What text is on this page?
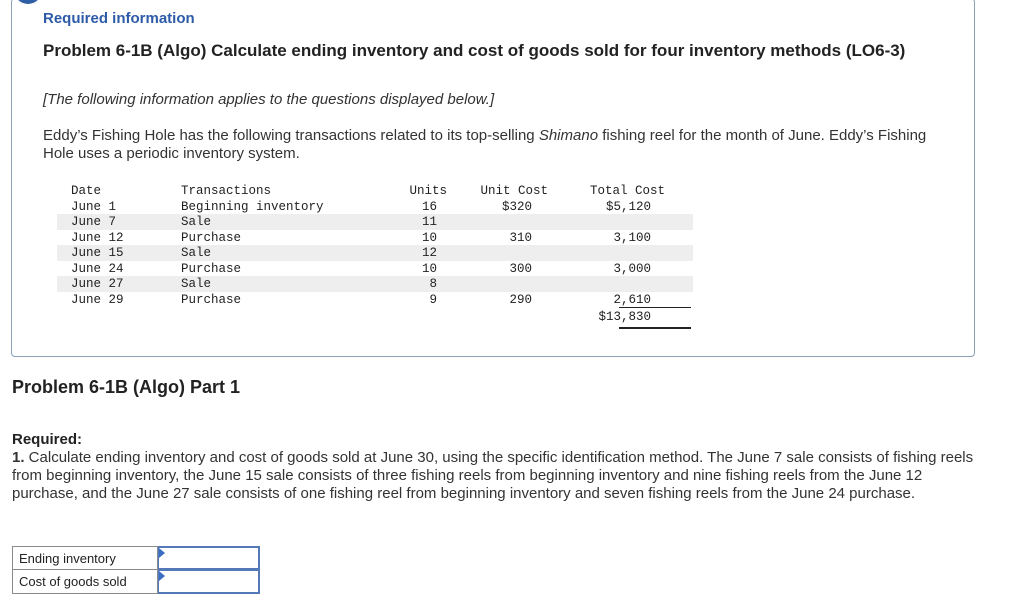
Required information
Problem 6-1B (Algo) Calculate ending inventory and cost of goods sold for four inventory methods (LO6-3)
[The following information applies to the questions displayed below.]
Eddy’s Fishing Hole has the following transactions related to its top-selling Shimano fishing reel for the month of June. Eddy’s Fishing Hole uses a periodic inventory system.
Date	Transactions	Units	Unit Cost	Total Cost
June 1	Beginning inventory	16	$320	$5,120
June 7	Sale	11
June 12	Purchase	10	310	3,100
June 15	Sale	12
June 24	Purchase	10	300	3,000
June 27	Sale	8
June 29	Purchase	9	290	2,610
$13,830
Problem 6-1B (Algo) Part 1
Required:
1. Calculate ending inventory and cost of goods sold at June 30, using the specific identification method. The June 7 sale consists of fishing reels from beginning inventory, the June 15 sale consists of three fishing reels from beginning inventory and nine fishing reels from the June 12 purchase, and the June 27 sale consists of one fishing reel from beginning inventory and seven fishing reels from the June 24 purchase.
Ending inventory
Cost of goods sold
